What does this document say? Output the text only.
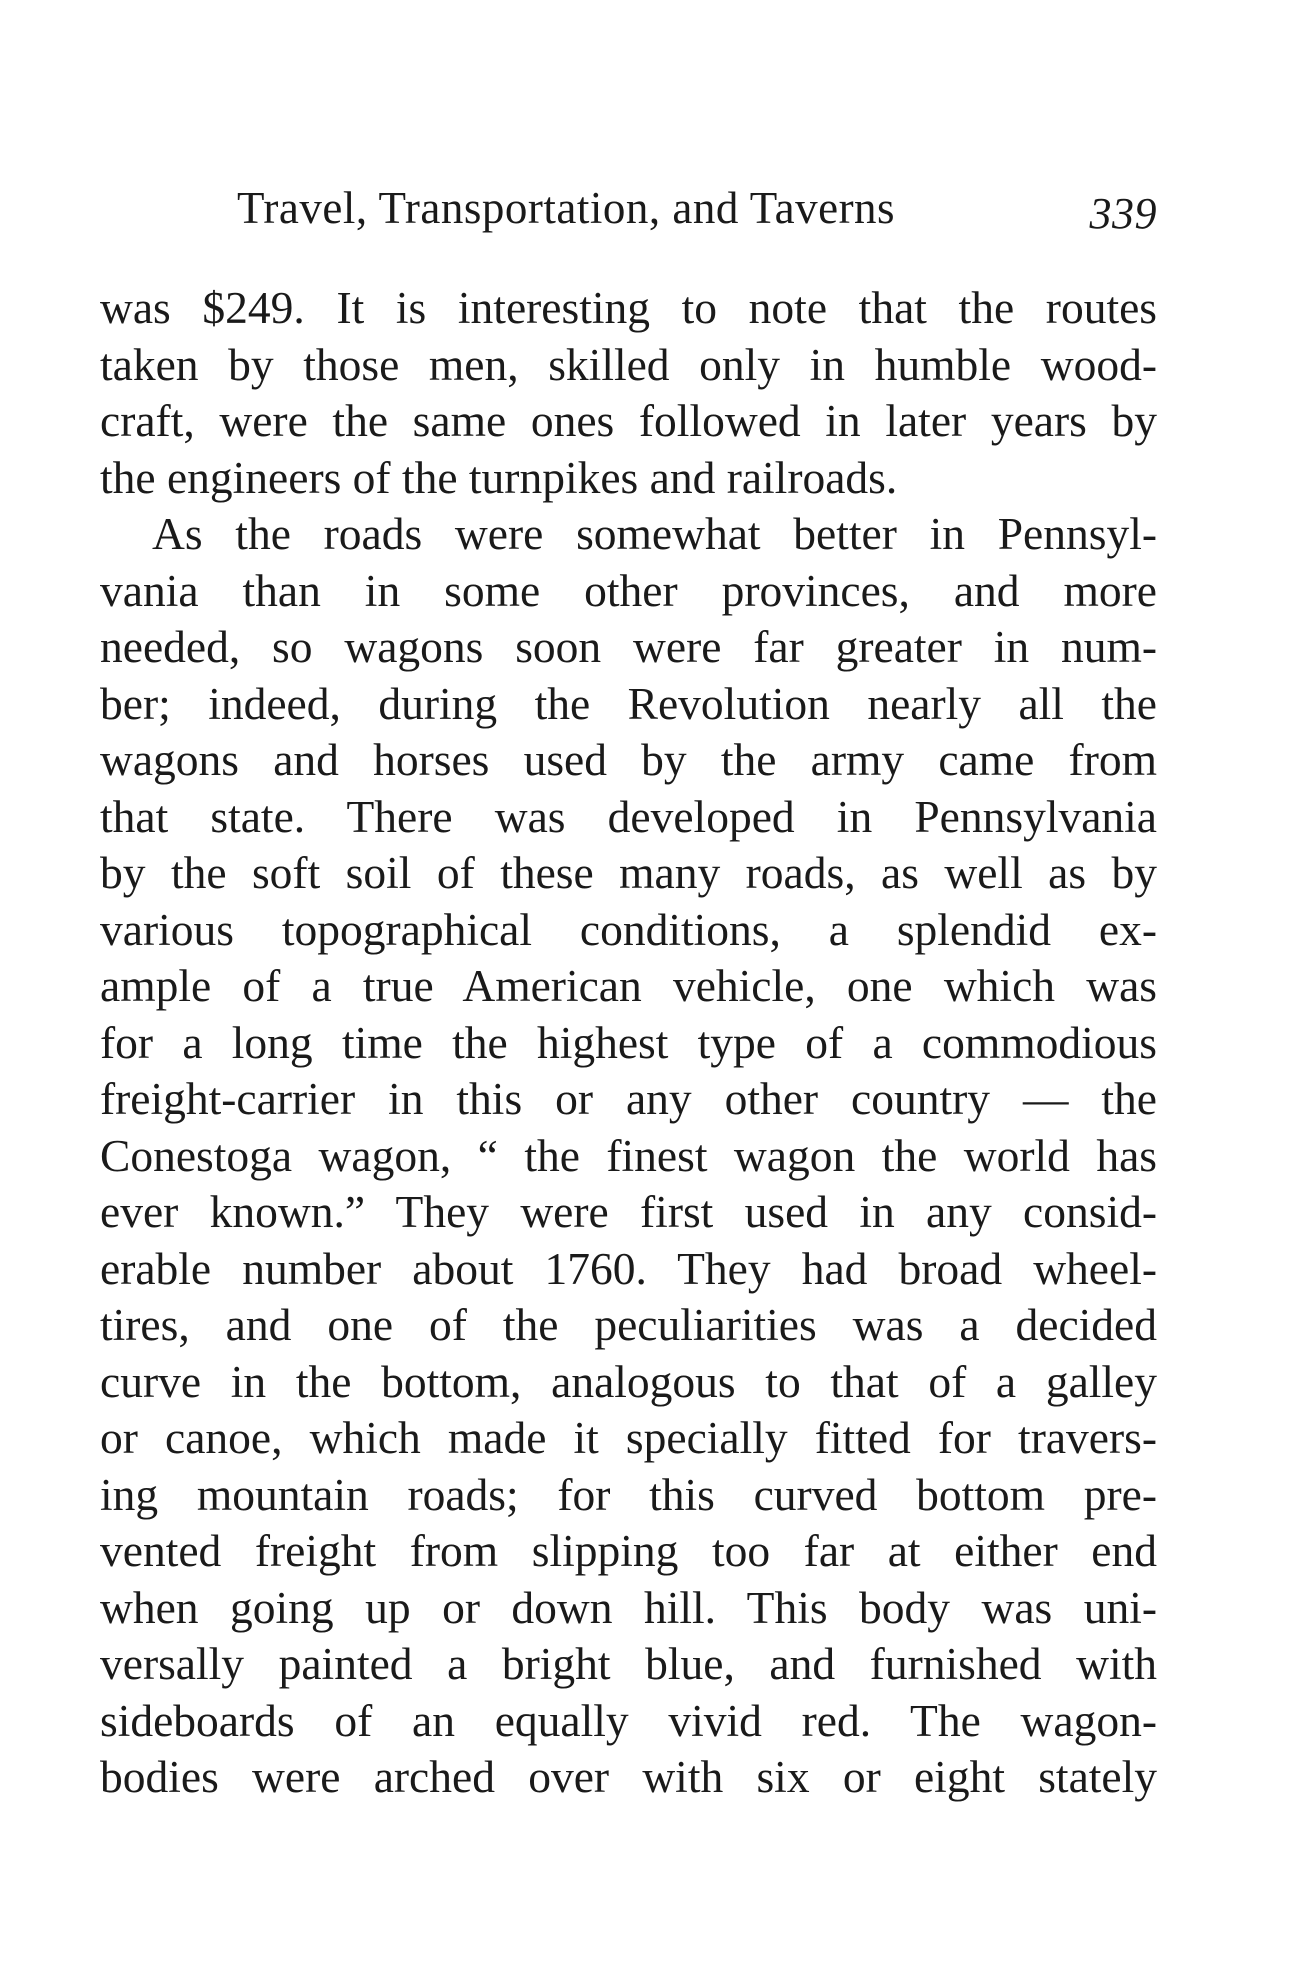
Travel, Transportation, and Taverns	339
was $249. It is interesting to note that the routes
taken by those men, skilled only in humble wood-
craft, were the same ones followed in later years by
the engineers of the turnpikes and railroads.
As the roads were somewhat better in Pennsyl-
vania than in some other provinces, and more
needed, so wagons soon were far greater in num-
ber; indeed, during the Revolution nearly all the
wagons and horses used by the army came from
that state. There was developed in Pennsylvania
by the soft soil of these many roads, as well as by
various topographical conditions, a splendid ex-
ample of a true American vehicle, one which was
for a long time the highest type of a commodious
freight-carrier in this or any other country — the
Conestoga wagon, “ the finest wagon the world has
ever known.” They were first used in any consid-
erable number about 1760. They had broad wheel-
tires, and one of the peculiarities was a decided
curve in the bottom, analogous to that of a galley
or canoe, which made it specially fitted for travers-
ing mountain roads; for this curved bottom pre-
vented freight from slipping too far at either end
when going up or down hill. This body was uni-
versally painted a bright blue, and furnished with
sideboards of an equally vivid red. The wagon-
bodies were arched over with six or eight stately
